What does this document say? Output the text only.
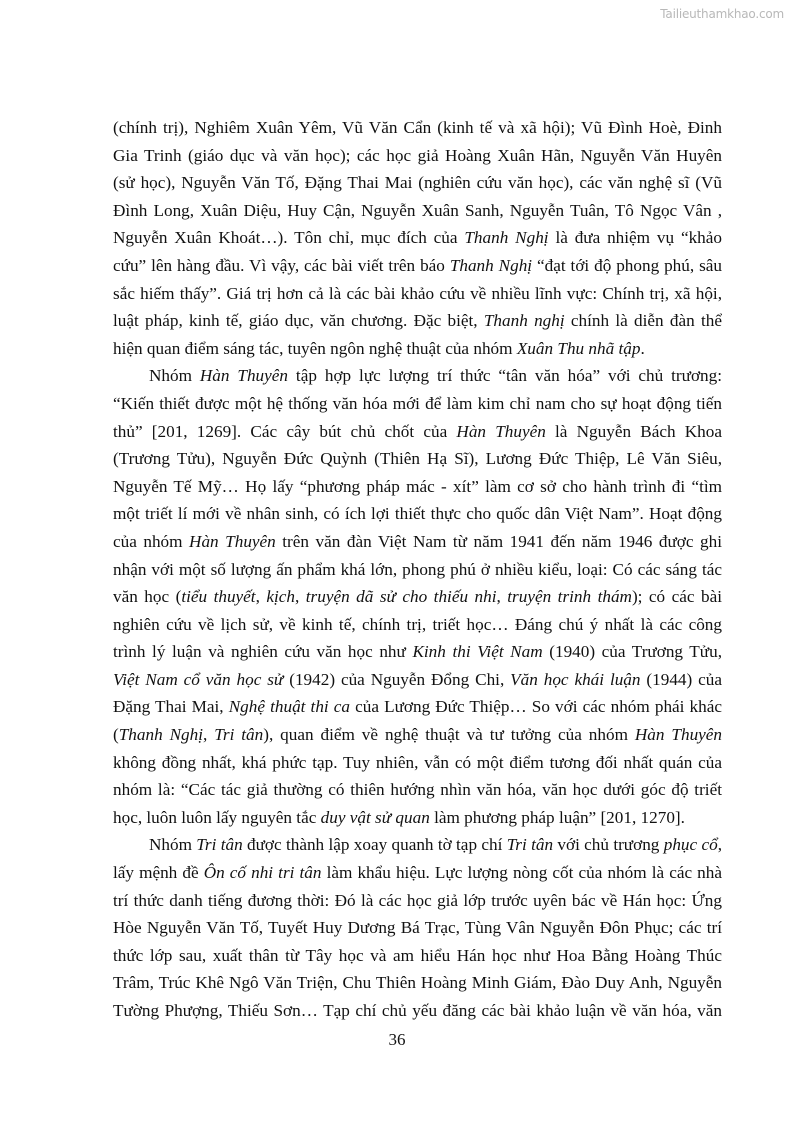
Tailieuthamkhao.com
(chính trị), Nghiêm Xuân Yêm, Vũ Văn Cẩn (kinh tế và xã hội); Vũ Đình Hoè, Đinh
Gia Trinh (giáo dục và văn học); các học giả Hoàng Xuân Hãn, Nguyễn Văn Huyên
(sử học), Nguyễn Văn Tố, Đặng Thai Mai (nghiên cứu văn học), các văn nghệ sĩ (Vũ
Đình Long, Xuân Diệu, Huy Cận, Nguyễn Xuân Sanh, Nguyễn Tuân, Tô Ngọc Vân ,
Nguyễn Xuân Khoát…). Tôn chỉ, mục đích của Thanh Nghị là đưa nhiệm vụ “khảo
cứu” lên hàng đầu. Vì vậy, các bài viết trên báo Thanh Nghị “đạt tới độ phong phú, sâu
sắc hiếm thấy”. Giá trị hơn cả là các bài khảo cứu về nhiều lĩnh vực: Chính trị, xã hội,
luật pháp, kinh tế, giáo dục, văn chương. Đặc biệt, Thanh nghị chính là diễn đàn thể
hiện quan điểm sáng tác, tuyên ngôn nghệ thuật của nhóm Xuân Thu nhã tập.
Nhóm Hàn Thuyên tập hợp lực lượng trí thức “tân văn hóa” với chủ trương:
“Kiến thiết được một hệ thống văn hóa mới để làm kim chỉ nam cho sự hoạt động tiến
thủ” [201, 1269]. Các cây bút chủ chốt của Hàn Thuyên là Nguyễn Bách Khoa
(Trương Tửu), Nguyễn Đức Quỳnh (Thiên Hạ Sĩ), Lương Đức Thiệp, Lê Văn Siêu,
Nguyễn Tế Mỹ… Họ lấy “phương pháp mác - xít” làm cơ sở cho hành trình đi “tìm
một triết lí mới về nhân sinh, có ích lợi thiết thực cho quốc dân Việt Nam”. Hoạt động
của nhóm Hàn Thuyên trên văn đàn Việt Nam từ năm 1941 đến năm 1946 được ghi
nhận với một số lượng ấn phẩm khá lớn, phong phú ở nhiều kiểu, loại: Có các sáng tác
văn học (tiểu thuyết, kịch, truyện dã sử cho thiếu nhi, truyện trinh thám); có các bài
nghiên cứu về lịch sử, về kinh tế, chính trị, triết học… Đáng chú ý nhất là các công
trình lý luận và nghiên cứu văn học như Kinh thi Việt Nam (1940) của Trương Tửu,
Việt Nam cổ văn học sử (1942) của Nguyễn Đổng Chi, Văn học khái luận (1944) của
Đặng Thai Mai, Nghệ thuật thi ca của Lương Đức Thiệp… So với các nhóm phái khác
(Thanh Nghị, Tri tân), quan điểm về nghệ thuật và tư tưởng của nhóm Hàn Thuyên
không đồng nhất, khá phức tạp. Tuy nhiên, vẫn có một điểm tương đối nhất quán của
nhóm là: “Các tác giả thường có thiên hướng nhìn văn hóa, văn học dưới góc độ triết
học, luôn luôn lấy nguyên tắc duy vật sử quan làm phương pháp luận” [201, 1270].
Nhóm Tri tân được thành lập xoay quanh tờ tạp chí Tri tân với chủ trương phục cổ,
lấy mệnh đề Ôn cố nhi tri tân làm khẩu hiệu. Lực lượng nòng cốt của nhóm là các nhà
trí thức danh tiếng đương thời: Đó là các học giả lớp trước uyên bác về Hán học: Ứng
Hòe Nguyễn Văn Tố, Tuyết Huy Dương Bá Trạc, Tùng Vân Nguyễn Đôn Phục; các trí
thức lớp sau, xuất thân từ Tây học và am hiểu Hán học như Hoa Bằng Hoàng Thúc
Trâm, Trúc Khê Ngô Văn Triện, Chu Thiên Hoàng Minh Giám, Đào Duy Anh, Nguyễn
Tường Phượng, Thiếu Sơn… Tạp chí chủ yếu đăng các bài khảo luận về văn hóa, văn
36
